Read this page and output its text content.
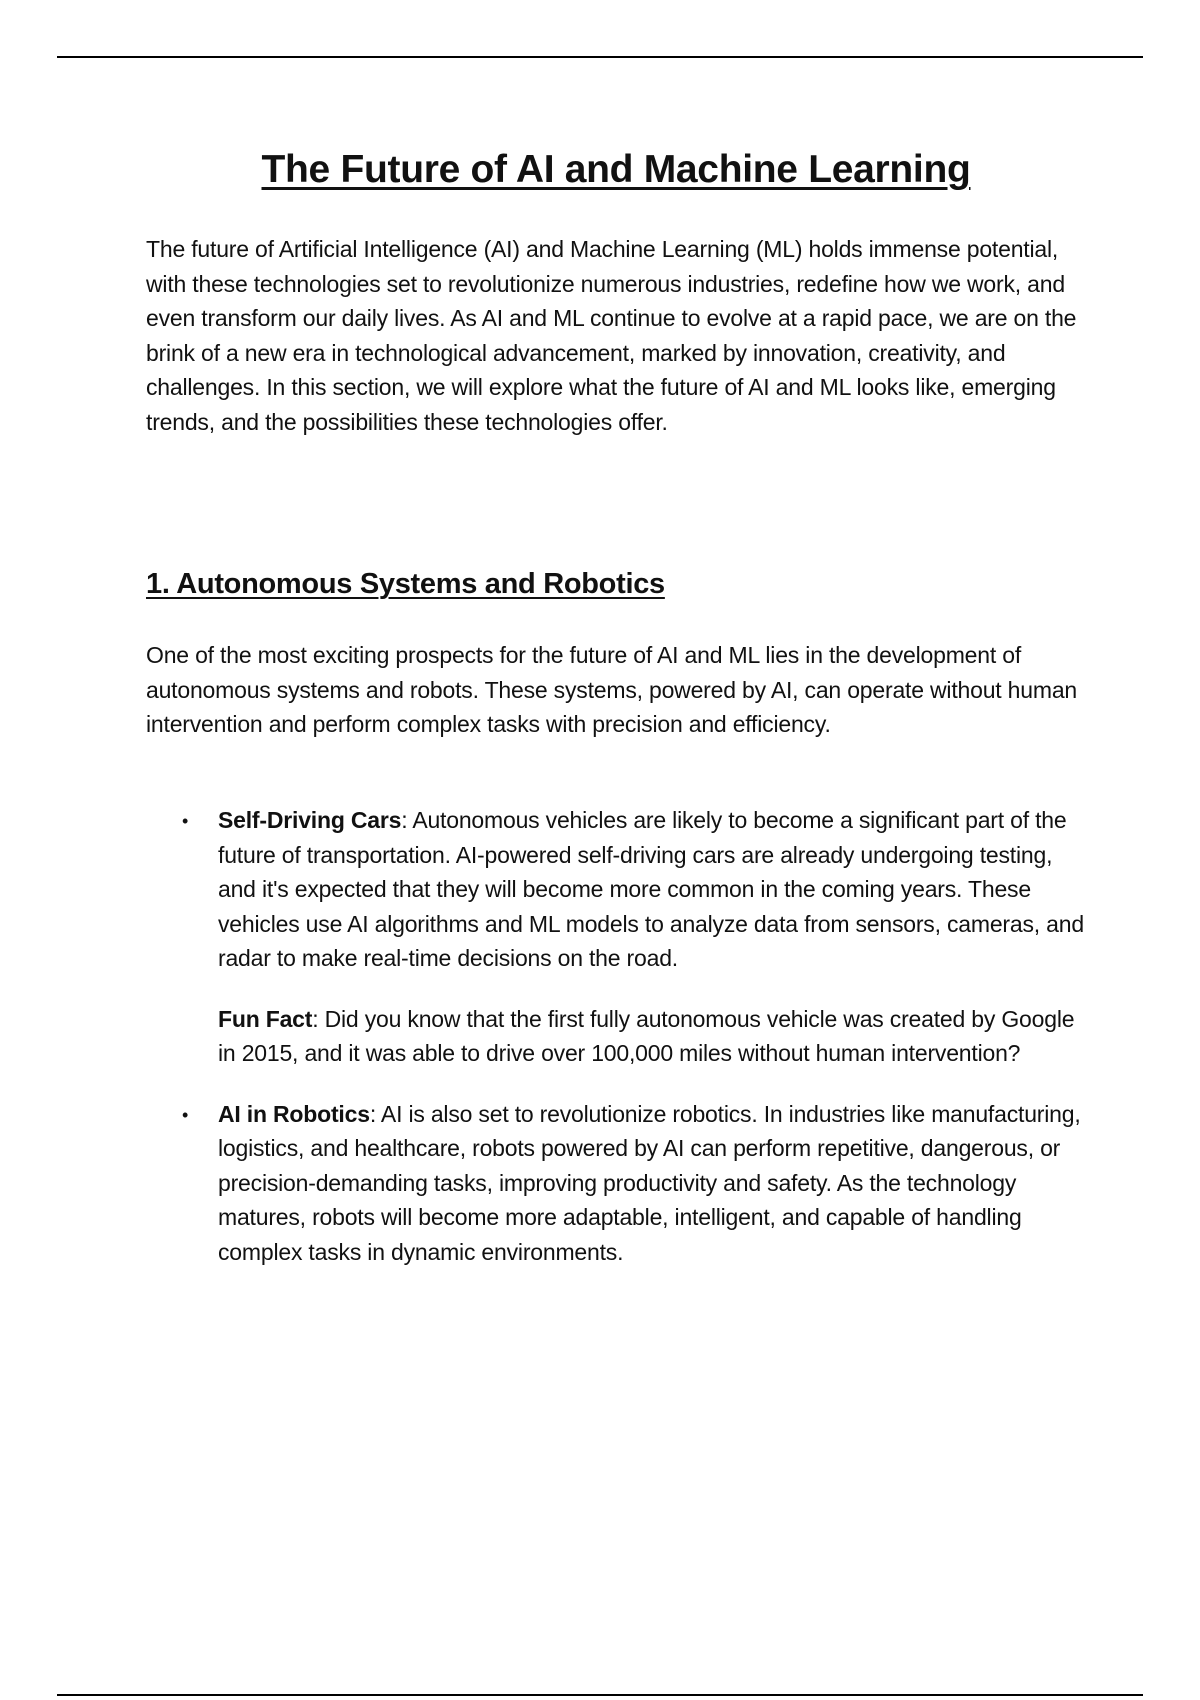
The Future of AI and Machine Learning

The future of Artificial Intelligence (AI) and Machine Learning (ML) holds immense potential, with these technologies set to revolutionize numerous industries, redefine how we work, and even transform our daily lives. As AI and ML continue to evolve at a rapid pace, we are on the brink of a new era in technological advancement, marked by innovation, creativity, and challenges. In this section, we will explore what the future of AI and ML looks like, emerging trends, and the possibilities these technologies offer.

1. Autonomous Systems and Robotics

One of the most exciting prospects for the future of AI and ML lies in the development of autonomous systems and robots. These systems, powered by AI, can operate without human intervention and perform complex tasks with precision and efficiency.

• Self-Driving Cars: Autonomous vehicles are likely to become a significant part of the future of transportation. AI-powered self-driving cars are already undergoing testing, and it's expected that they will become more common in the coming years. These vehicles use AI algorithms and ML models to analyze data from sensors, cameras, and radar to make real-time decisions on the road.

Fun Fact: Did you know that the first fully autonomous vehicle was created by Google in 2015, and it was able to drive over 100,000 miles without human intervention?

• AI in Robotics: AI is also set to revolutionize robotics. In industries like manufacturing, logistics, and healthcare, robots powered by AI can perform repetitive, dangerous, or precision-demanding tasks, improving productivity and safety. As the technology matures, robots will become more adaptable, intelligent, and capable of handling complex tasks in dynamic environments.
